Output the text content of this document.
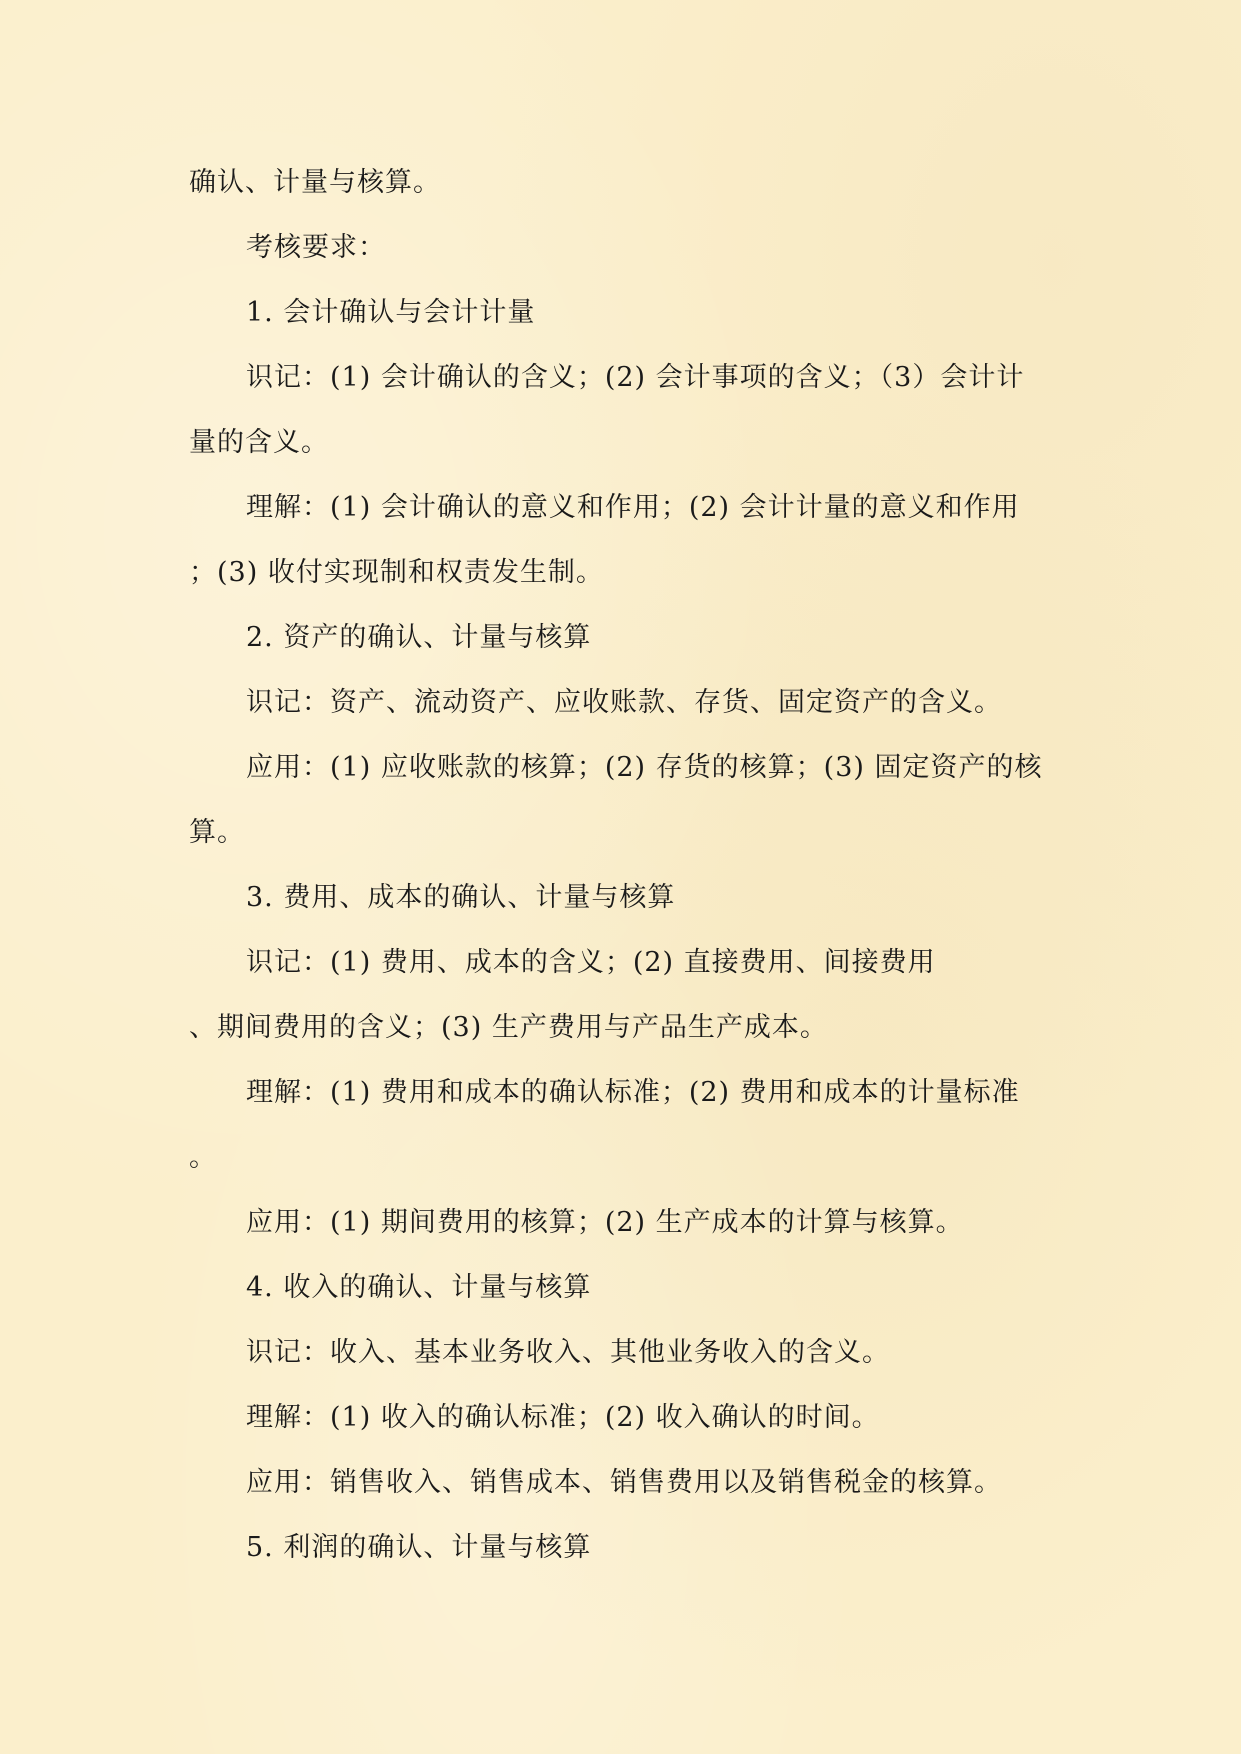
确认、计量与核算。
考核要求：
1. 会计确认与会计计量
识记：(1) 会计确认的含义；(2) 会计事项的含义；（3）会计计
量的含义。
理解：(1) 会计确认的意义和作用；(2) 会计计量的意义和作用
；(3) 收付实现制和权责发生制。
2. 资产的确认、计量与核算
识记：资产、流动资产、应收账款、存货、固定资产的含义。
应用：(1) 应收账款的核算；(2) 存货的核算；(3) 固定资产的核
算。
3. 费用、成本的确认、计量与核算
识记：(1) 费用、成本的含义；(2) 直接费用、间接费用
、期间费用的含义；(3) 生产费用与产品生产成本。
理解：(1) 费用和成本的确认标准；(2) 费用和成本的计量标准
。
应用：(1) 期间费用的核算；(2) 生产成本的计算与核算。
4. 收入的确认、计量与核算
识记：收入、基本业务收入、其他业务收入的含义。
理解：(1) 收入的确认标准；(2) 收入确认的时间。
应用：销售收入、销售成本、销售费用以及销售税金的核算。
5. 利润的确认、计量与核算
